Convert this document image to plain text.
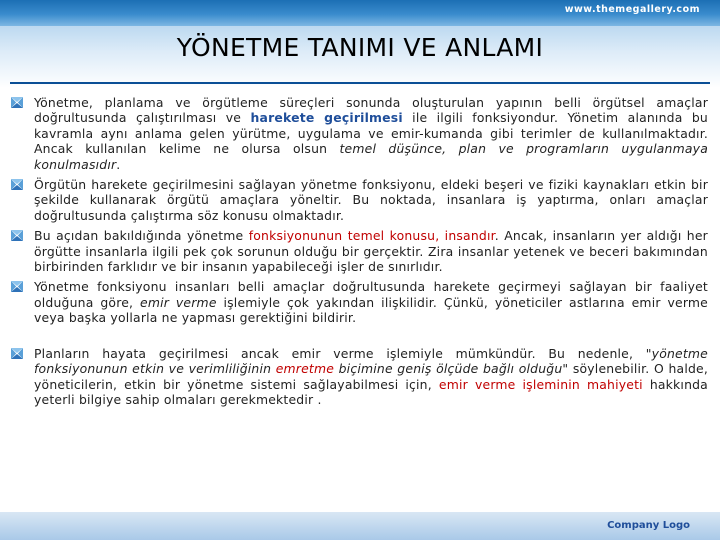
www.themegallery.com
YÖNETME TANIMI VE ANLAMI

Yönetme, planlama ve örgütleme süreçleri sonunda oluşturulan yapının belli örgütsel amaçlar doğrultusunda çalıştırılması ve harekete geçirilmesi ile ilgili fonksiyondur. Yönetim alanında bu kavramla aynı anlama gelen yürütme, uygulama ve emir-kumanda gibi terimler de kullanılmaktadır. Ancak kullanılan kelime ne olursa olsun temel düşünce, plan ve programların uygulanmaya konulmasıdır.

Örgütün harekete geçirilmesini sağlayan yönetme fonksiyonu, eldeki beşeri ve fiziki kaynakları etkin bir şekilde kullanarak örgütü amaçlara yöneltir. Bu noktada, insanlara iş yaptırma, onları amaçlar doğrultusunda çalıştırma söz konusu olmaktadır.

Bu açıdan bakıldığında yönetme fonksiyonunun temel konusu, insandır. Ancak, insanların yer aldığı her örgütte insanlarla ilgili pek çok sorunun olduğu bir gerçektir. Zira insanlar yetenek ve beceri bakımından birbirinden farklıdır ve bir insanın yapabileceği işler de sınırlıdır.

Yönetme fonksiyonu insanları belli amaçlar doğrultusunda harekete geçirmeyi sağlayan bir faaliyet olduğuna göre, emir verme işlemiyle çok yakından ilişkilidir. Çünkü, yöneticiler astlarına emir verme veya başka yollarla ne yapması gerektiğini bildirir.

Planların hayata geçirilmesi ancak emir verme işlemiyle mümkündür. Bu nedenle, "yönetme fonksiyonunun etkin ve verimliliğinin emretme biçimine geniş ölçüde bağlı olduğu" söylenebilir. O halde, yöneticilerin, etkin bir yönetme sistemi sağlayabilmesi için, emir verme işleminin mahiyeti hakkında yeterli bilgiye sahip olmaları gerekmektedir .

Company Logo
